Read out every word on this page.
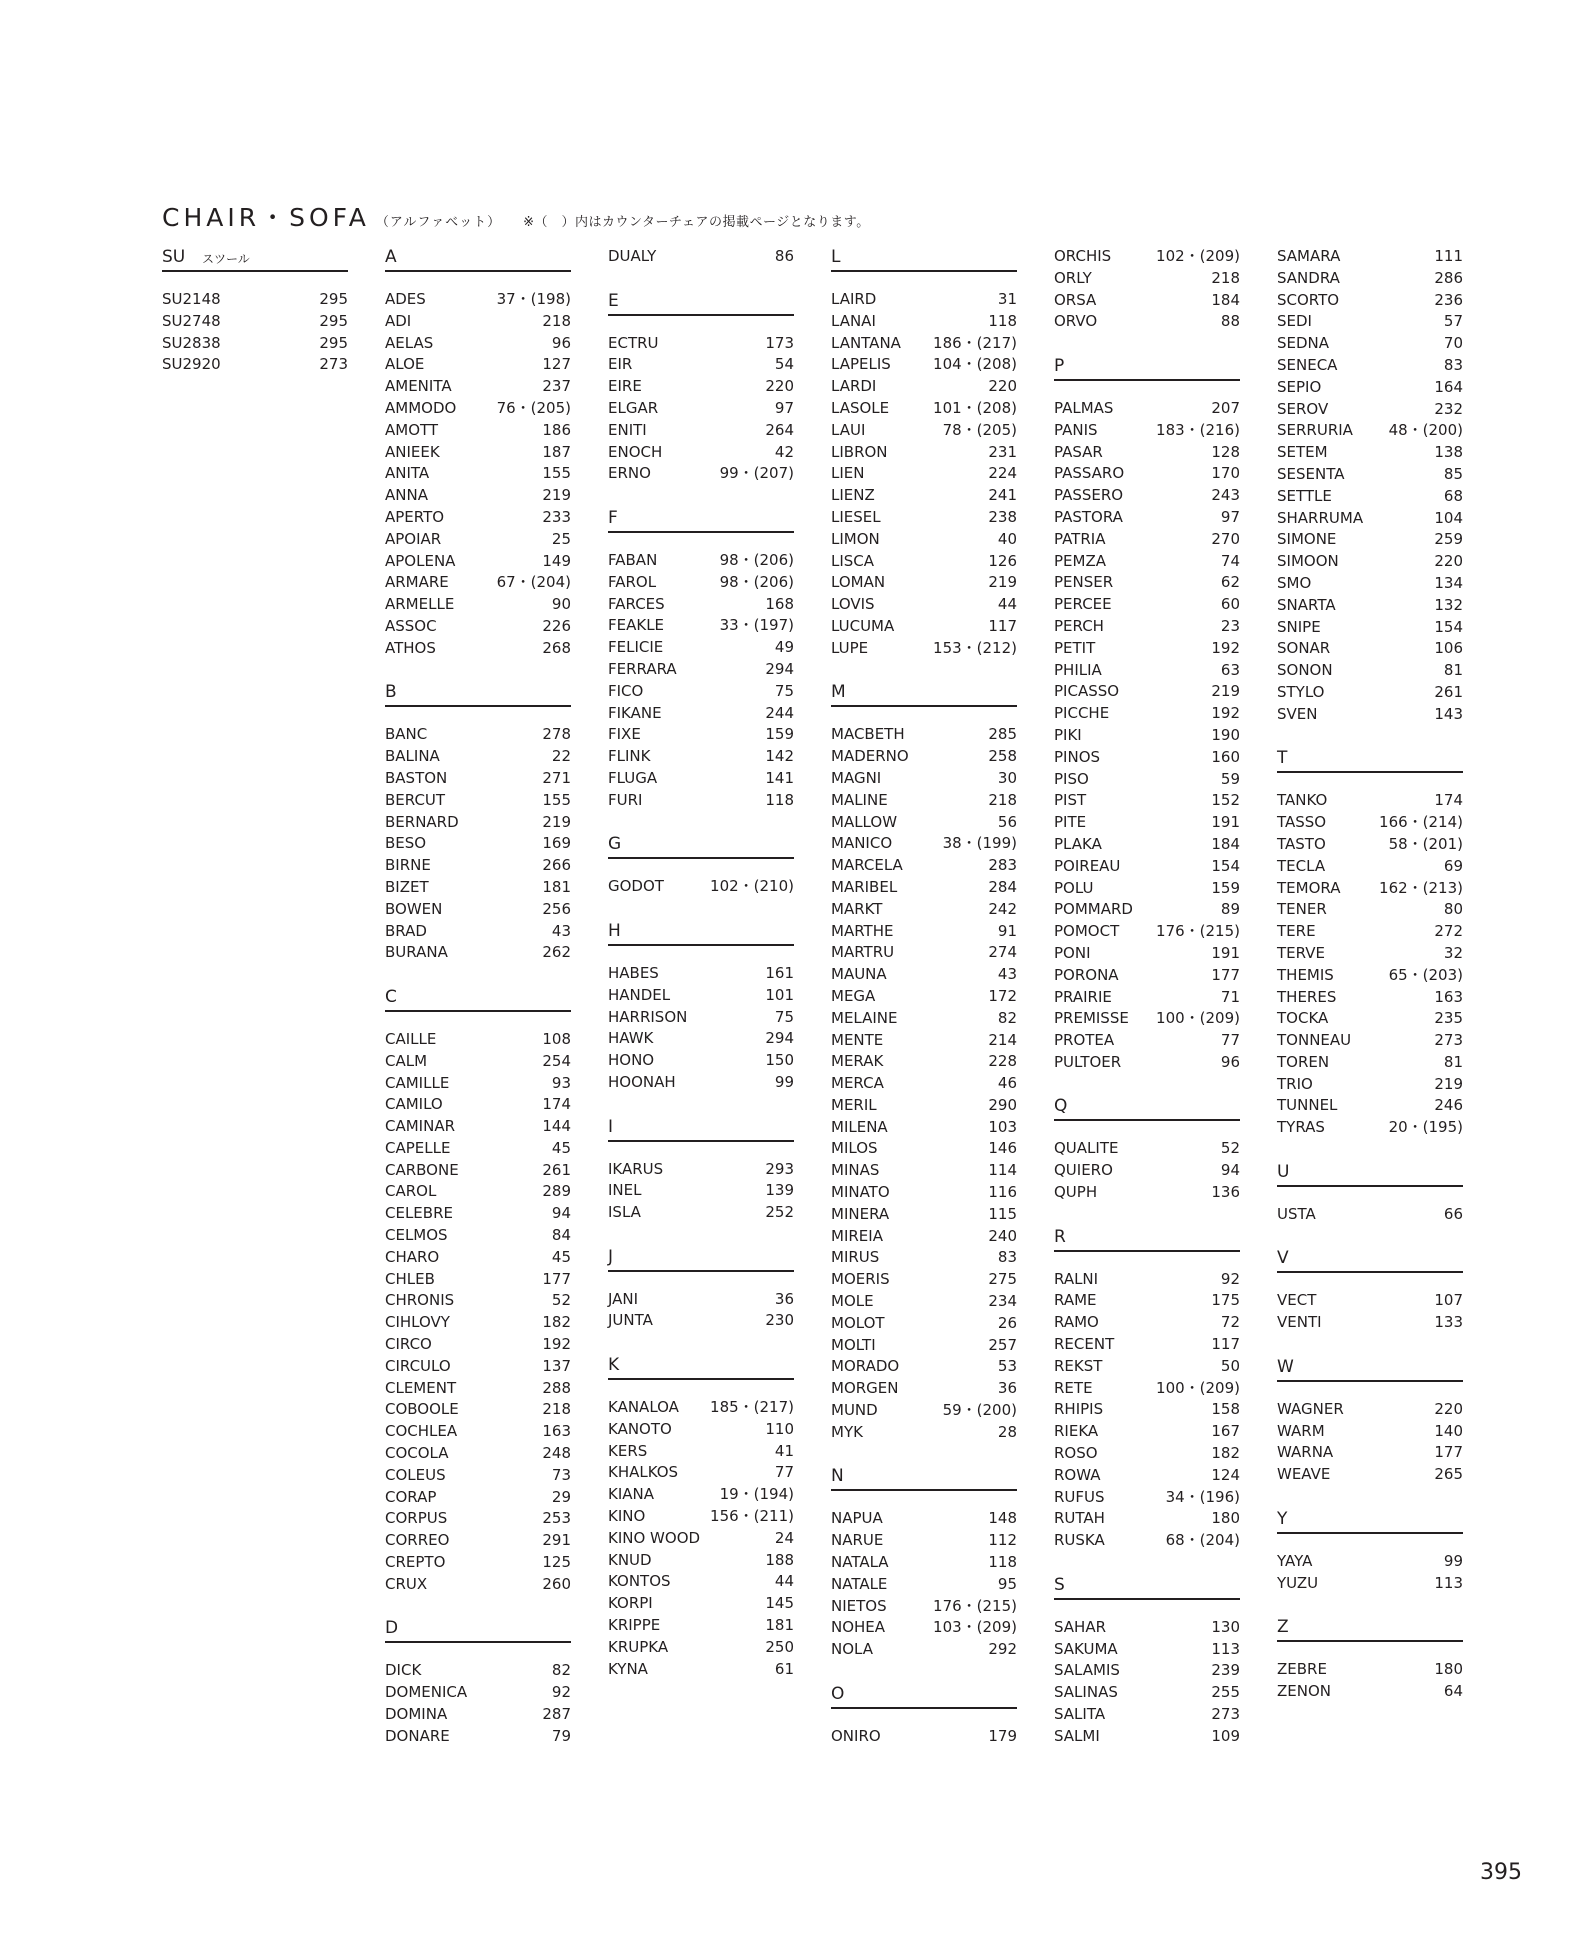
CHAIR・SOFA （アルファベット） ※（　）内はカウンターチェアの掲載ページとなります。
SU スツール
SU2148	295
SU2748	295
SU2838	295
SU2920	273
A
ADES	37・(198)
ADI	218
AELAS	96
ALOE	127
AMENITA	237
AMMODO	76・(205)
AMOTT	186
ANIEEK	187
ANITA	155
ANNA	219
APERTO	233
APOIAR	25
APOLENA	149
ARMARE	67・(204)
ARMELLE	90
ASSOC	226
ATHOS	268
B
BANC	278
BALINA	22
BASTON	271
BERCUT	155
BERNARD	219
BESO	169
BIRNE	266
BIZET	181
BOWEN	256
BRAD	43
BURANA	262
C
CAILLE	108
CALM	254
CAMILLE	93
CAMILO	174
CAMINAR	144
CAPELLE	45
CARBONE	261
CAROL	289
CELEBRE	94
CELMOS	84
CHARO	45
CHLEB	177
CHRONIS	52
CIHLOVY	182
CIRCO	192
CIRCULO	137
CLEMENT	288
COBOOLE	218
COCHLEA	163
COCOLA	248
COLEUS	73
CORAP	29
CORPUS	253
CORREO	291
CREPTO	125
CRUX	260
D
DICK	82
DOMENICA	92
DOMINA	287
DONARE	79
DUALY	86
E
ECTRU	173
EIR	54
EIRE	220
ELGAR	97
ENITI	264
ENOCH	42
ERNO	99・(207)
F
FABAN	98・(206)
FAROL	98・(206)
FARCES	168
FEAKLE	33・(197)
FELICIE	49
FERRARA	294
FICO	75
FIKANE	244
FIXE	159
FLINK	142
FLUGA	141
FURI	118
G
GODOT	102・(210)
H
HABES	161
HANDEL	101
HARRISON	75
HAWK	294
HONO	150
HOONAH	99
I
IKARUS	293
INEL	139
ISLA	252
J
JANI	36
JUNTA	230
K
KANALOA 185・(217)
KANOTO	110
KERS	41
KHALKOS	77
KIANA	19・(194)
KINO	156・(211)
KINO WOOD	24
KNUD	188
KONTOS	44
KORPI	145
KRIPPE	181
KRUPKA	250
KYNA	61
L
LAIRD	31
LANAI	118
LANTANA 186・(217)
LAPELIS	104・(208)
LARDI	220
LASOLE	101・(208)
LAUI	78・(205)
LIBRON	231
LIEN	224
LIENZ	241
LIESEL	238
LIMON	40
LISCA	126
LOMAN	219
LOVIS	44
LUCUMA	117
LUPE	153・(212)
M
MACBETH	285
MADERNO	258
MAGNI	30
MALINE	218
MALLOW	56
MANICO	38・(199)
MARCELA	283
MARIBEL	284
MARKT	242
MARTHE	91
MARTRU	274
MAUNA	43
MEGA	172
MELAINE	82
MENTE	214
MERAK	228
MERCA	46
MERIL	290
MILENA	103
MILOS	146
MINAS	114
MINATO	116
MINERA	115
MIREIA	240
MIRUS	83
MOERIS	275
MOLE	234
MOLOT	26
MOLTI	257
MORADO	53
MORGEN	36
MUND	59・(200)
MYK	28
N
NAPUA	148
NARUE	112
NATALA	118
NATALE	95
NIETOS	176・(215)
NOHEA	103・(209)
NOLA	292
O
ONIRO	179
ORCHIS	102・(209)
ORLY	218
ORSA	184
ORVO	88
P
PALMAS	207
PANIS	183・(216)
PASAR	128
PASSARO	170
PASSERO	243
PASTORA	97
PATRIA	270
PEMZA	74
PENSER	62
PERCEE	60
PERCH	23
PETIT	192
PHILIA	63
PICASSO	219
PICCHE	192
PIKI	190
PINOS	160
PISO	59
PIST	152
PITE	191
PLAKA	184
POIREAU	154
POLU	159
POMMARD	89
POMOCT 176・(215)
PONI	191
PORONA	177
PRAIRIE	71
PREMISSE 100・(209)
PROTEA	77
PULTOER	96
Q
QUALITE	52
QUIERO	94
QUPH	136
R
RALNI	92
RAME	175
RAMO	72
RECENT	117
REKST	50
RETE	100・(209)
RHIPIS	158
RIEKA	167
ROSO	182
ROWA	124
RUFUS	34・(196)
RUTAH	180
RUSKA	68・(204)
S
SAHAR	130
SAKUMA	113
SALAMIS	239
SALINAS	255
SALITA	273
SALMI	109
SAMARA	111
SANDRA	286
SCORTO	236
SEDI	57
SEDNA	70
SENECA	83
SEPIO	164
SEROV	232
SERRURIA 48・(200)
SETEM	138
SESENTA	85
SETTLE	68
SHARRUMA	104
SIMONE	259
SIMOON	220
SMO	134
SNARTA	132
SNIPE	154
SONAR	106
SONON	81
STYLO	261
SVEN	143
T
TANKO	174
TASSO	166・(214)
TASTO	58・(201)
TECLA	69
TEMORA	162・(213)
TENER	80
TERE	272
TERVE	32
THEMIS	65・(203)
THERES	163
TOCKA	235
TONNEAU	273
TOREN	81
TRIO	219
TUNNEL	246
TYRAS	20・(195)
U
USTA	66
V
VECT	107
VENTI	133
W
WAGNER	220
WARM	140
WARNA	177
WEAVE	265
Y
YAYA	99
YUZU	113
Z
ZEBRE	180
ZENON	64
395
